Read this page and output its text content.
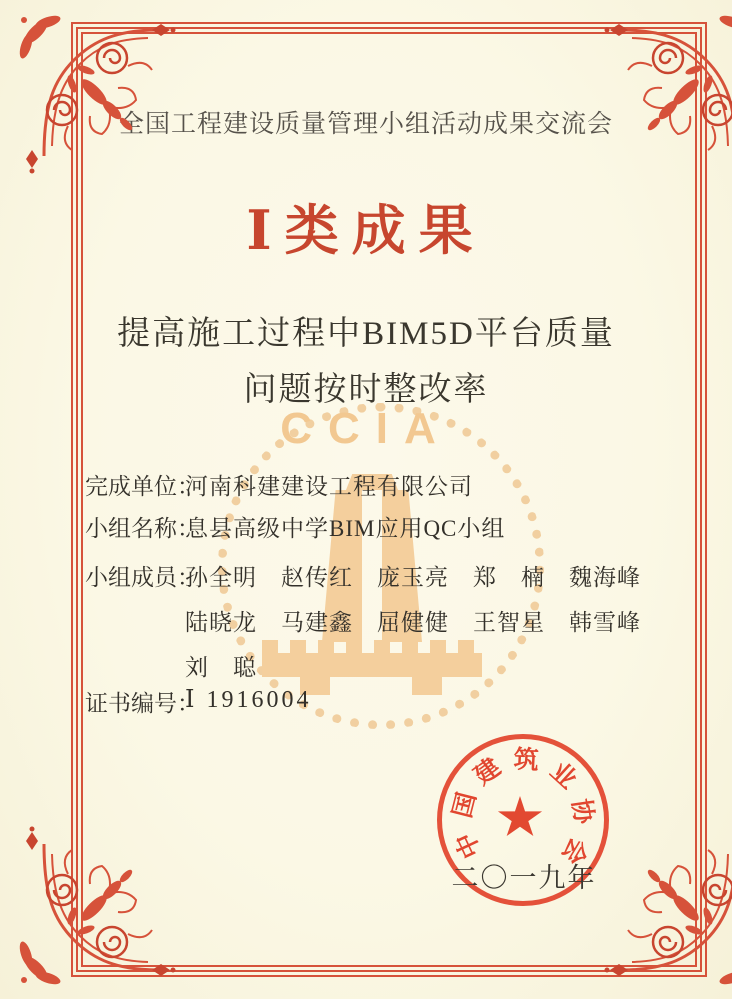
CCIA
全国工程建设质量管理小组活动成果交流会
Ⅰ类成果
提高施工过程中BIM5D平台质量
问题按时整改率
完成单位：
河南科建建设工程有限公司
小组名称：
息县高级中学BIM应用QC小组
小组成员：
孙全明　赵传红　庞玉亮　郑　楠　魏海峰
陆晓龙　马建鑫　屈健健　王智星　韩雪峰
刘　聪
证书编号：
Ⅰ 1916004
中
国
建 筑 业
协
会
二〇一九年
